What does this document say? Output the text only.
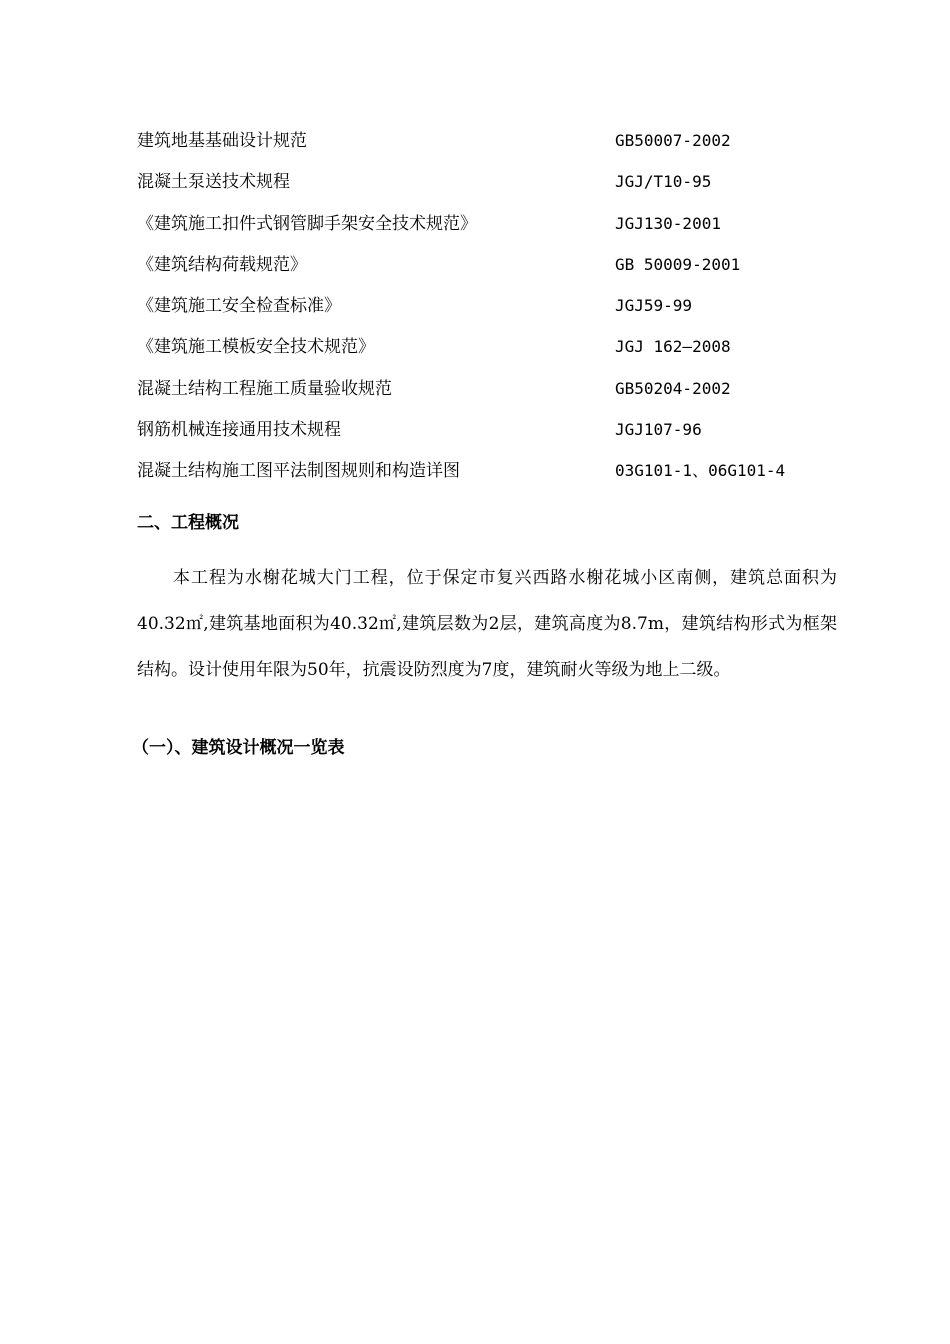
建筑地基基础设计规范	GB50007-2002
混凝土泵送技术规程	JGJ/T10-95
《建筑施工扣件式钢管脚手架安全技术规范》	JGJ130-2001
《建筑结构荷载规范》	GB 50009-2001
《建筑施工安全检查标准》	JGJ59-99
《建筑施工模板安全技术规范》	JGJ 162—2008
混凝土结构工程施工质量验收规范	GB50204-2002
钢筋机械连接通用技术规程	JGJ107-96
混凝土结构施工图平法制图规则和构造详图	03G101-1、06G101-4
二、工程概况

本工程为水榭花城大门工程，位于保定市复兴西路水榭花城小区南侧，建筑总面积为40.32㎡,建筑基地面积为40.32㎡,建筑层数为2层，建筑高度为8.7m，建筑结构形式为框架结构。设计使用年限为50年，抗震设防烈度为7度，建筑耐火等级为地上二级。

（一）、建筑设计概况一览表
